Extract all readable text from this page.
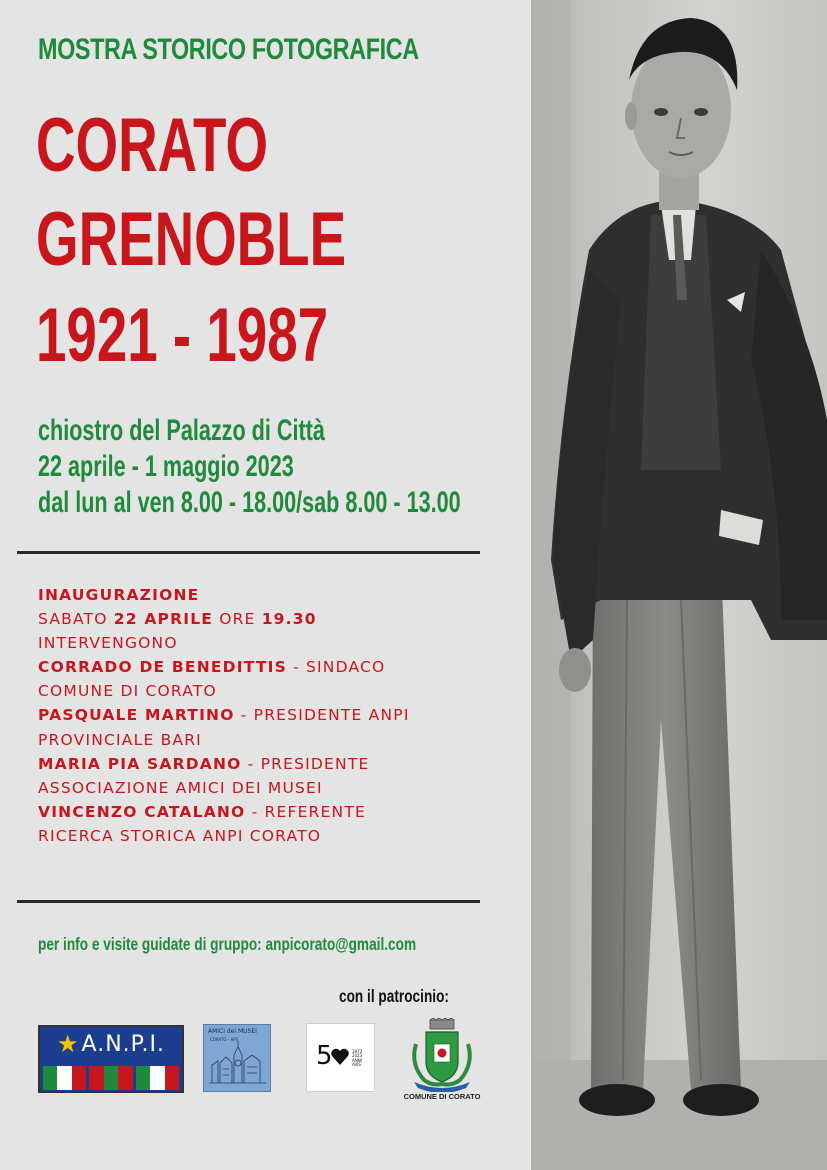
MOSTRA STORICO FOTOGRAFICA
CORATO
GRENOBLE
1921 - 1987
chiostro del Palazzo di Città
22 aprile - 1 maggio 2023
dal lun al ven 8.00 - 18.00/sab 8.00 - 13.00
INAUGURAZIONE
SABATO 22 APRILE ORE 19.30
INTERVENGONO
CORRADO DE BENEDITTIS - SINDACO
COMUNE DI CORATO
PASQUALE MARTINO - PRESIDENTE ANPI
PROVINCIALE BARI
MARIA PIA SARDANO - PRESIDENTE
ASSOCIAZIONE AMICI DEI MUSEI
VINCENZO CATALANO - REFERENTE
RICERCA STORICA ANPI CORATO
per info e visite guidate di gruppo: anpicorato@gmail.com
con il patrocinio:
★ A.N.P.I.	AMICI dei MUSEI
CORATO - APS
5	1973
2023
ANNI
AVIS
COMUNE DI CORATO
